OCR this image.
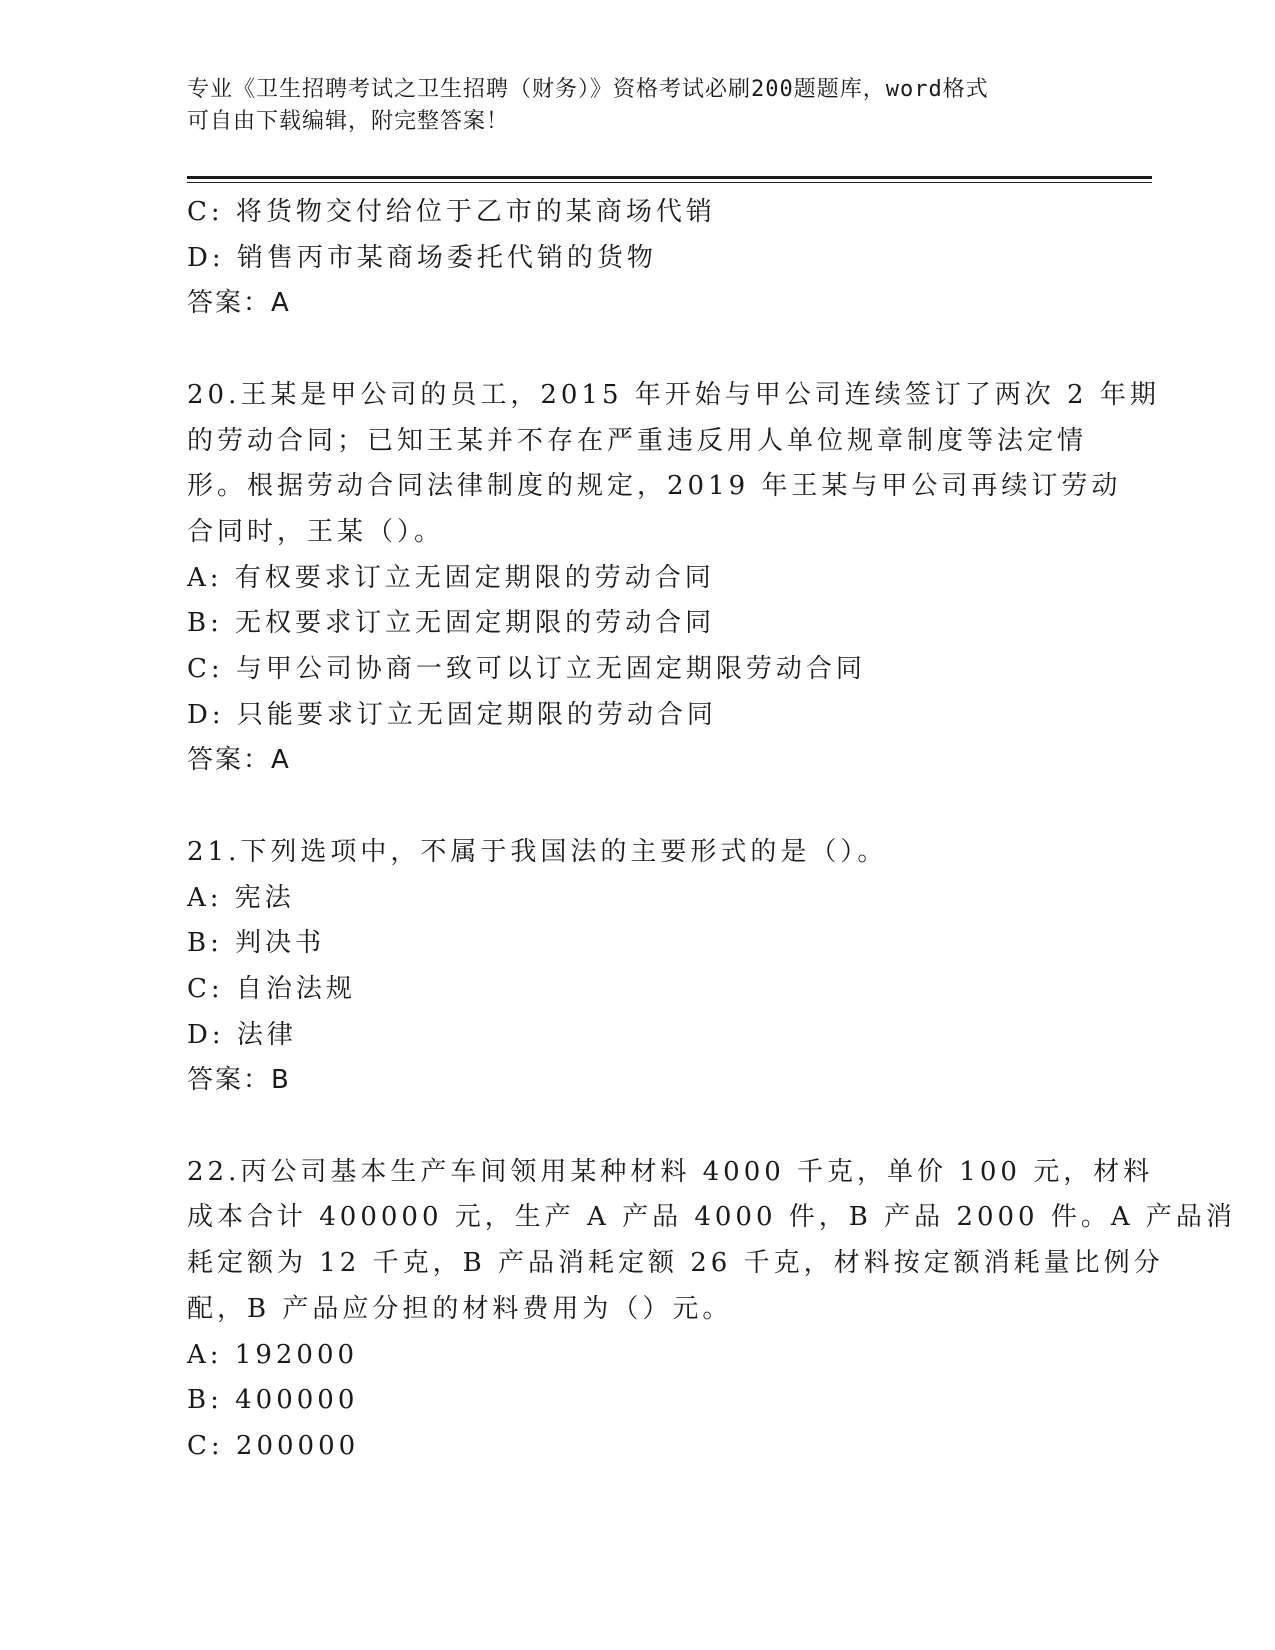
专业《卫生招聘考试之卫生招聘（财务）》资格考试必刷200题题库，word格式
可自由下载编辑，附完整答案！
C: 将货物交付给位于乙市的某商场代销
D: 销售丙市某商场委托代销的货物
答案：A
20.王某是甲公司的员工，2015 年开始与甲公司连续签订了两次 2 年期
的劳动合同；已知王某并不存在严重违反用人单位规章制度等法定情
形。根据劳动合同法律制度的规定，2019 年王某与甲公司再续订劳动
合同时，王某（）。
A: 有权要求订立无固定期限的劳动合同
B: 无权要求订立无固定期限的劳动合同
C: 与甲公司协商一致可以订立无固定期限劳动合同
D: 只能要求订立无固定期限的劳动合同
答案：A
21.下列选项中，不属于我国法的主要形式的是（）。
A: 宪法
B: 判决书
C: 自治法规
D: 法律
答案：B
22.丙公司基本生产车间领用某种材料 4000 千克，单价 100 元，材料
成本合计 400000 元，生产 A 产品 4000 件，B 产品 2000 件。A 产品消
耗定额为 12 千克，B 产品消耗定额 26 千克，材料按定额消耗量比例分
配，B 产品应分担的材料费用为（）元。
A: 192000
B: 400000
C: 200000
